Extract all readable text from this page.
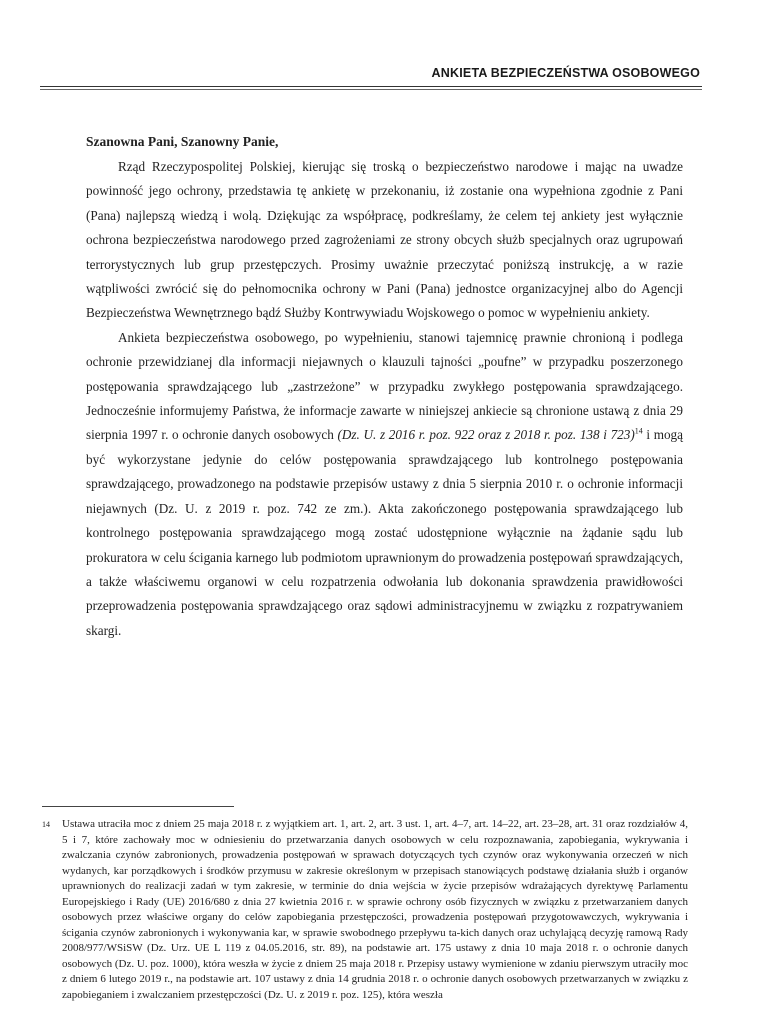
ANKIETA BEZPIECZEŃSTWA OSOBOWEGO
Szanowna Pani, Szanowny Panie,

Rząd Rzeczypospolitej Polskiej, kierując się troską o bezpieczeństwo narodowe i mając na uwadze powinność jego ochrony, przedstawia tę ankietę w przekonaniu, iż zostanie ona wypełniona zgodnie z Pani (Pana) najlepszą wiedzą i wolą. Dziękując za współpracę, podkreślamy, że celem tej ankiety jest wyłącznie ochrona bezpieczeństwa narodowego przed zagrożeniami ze strony obcych służb specjalnych oraz ugrupowań terrorystycznych lub grup przestępczych. Prosimy uważnie przeczytać poniższą instrukcję, a w razie wątpliwości zwrócić się do pełnomocnika ochrony w Pani (Pana) jednostce organizacyjnej albo do Agencji Bezpieczeństwa Wewnętrznego bądź Służby Kontrwywiadu Wojskowego o pomoc w wypełnieniu ankiety.

Ankieta bezpieczeństwa osobowego, po wypełnieniu, stanowi tajemnicę prawnie chronioną i podlega ochronie przewidzianej dla informacji niejawnych o klauzuli tajności „poufne” w przypadku poszerzonego postępowania sprawdzającego lub „zastrzeżone” w przypadku zwykłego postępowania sprawdzającego. Jednocześnie informujemy Państwa, że informacje zawarte w niniejszej ankiecie są chronione ustawą z dnia 29 sierpnia 1997 r. o ochronie danych osobowych (Dz. U. z 2016 r. poz. 922 oraz z 2018 r. poz. 138 i 723)$^{14}$ i mogą być wykorzystane jedynie do celów postępowania sprawdzającego lub kontrolnego postępowania sprawdzającego, prowadzonego na podstawie przepisów ustawy z dnia 5 sierpnia 2010 r. o ochronie informacji niejawnych (Dz. U. z 2019 r. poz. 742 ze zm.). Akta zakończonego postępowania sprawdzającego lub kontrolnego postępowania sprawdzającego mogą zostać udostępnione wyłącznie na żądanie sądu lub prokuratora w celu ścigania karnego lub podmiotom uprawnionym do prowadzenia postępowań sprawdzających, a także właściwemu organowi w celu rozpatrzenia odwołania lub dokonania sprawdzenia prawidłowości przeprowadzenia postępowania sprawdzającego oraz sądowi administracyjnemu w związku z rozpatrywaniem skargi.

14 Ustawa utraciła moc z dniem 25 maja 2018 r. z wyjątkiem art. 1, art. 2, art. 3 ust. 1, art. 4–7, art. 14–22, art. 23–28, art. 31 oraz rozdziałów 4, 5 i 7, które zachowały moc w odniesieniu do przetwarzania danych osobowych w celu rozpoznawania, zapobiegania, wykrywania i zwalczania czynów zabronionych, prowadzenia postępowań w sprawach dotyczących tych czynów oraz wykonywania orzeczeń w nich wydanych, kar porządkowych i środków przymusu w zakresie określonym w przepisach stanowiących podstawę działania służb i organów uprawnionych do realizacji zadań w tym zakresie, w terminie do dnia wejścia w życie przepisów wdrażających dyrektywę Parlamentu Europejskiego i Rady (UE) 2016/680 z dnia 27 kwietnia 2016 r. w sprawie ochrony osób fizycznych w związku z przetwarzaniem danych osobowych przez właściwe organy do celów zapobiegania przestępczości, prowadzenia postępowań przygotowawczych, wykrywania i ścigania czynów zabronionych i wykonywania kar, w sprawie swobodnego przepływu ta-kich danych oraz uchylającą decyzję ramową Rady 2008/977/WSiSW (Dz. Urz. UE L 119 z 04.05.2016, str. 89), na podstawie art. 175 ustawy z dnia 10 maja 2018 r. o ochronie danych osobowych (Dz. U. poz. 1000), która weszła w życie z dniem 25 maja 2018 r. Przepisy ustawy wymienione w zdaniu pierwszym utraciły moc z dniem 6 lutego 2019 r., na podstawie art. 107 ustawy z dnia 14 grudnia 2018 r. o ochronie danych osobowych przetwarzanych w związku z zapobieganiem i zwalczaniem przestępczości (Dz. U. z 2019 r. poz. 125), która weszła
